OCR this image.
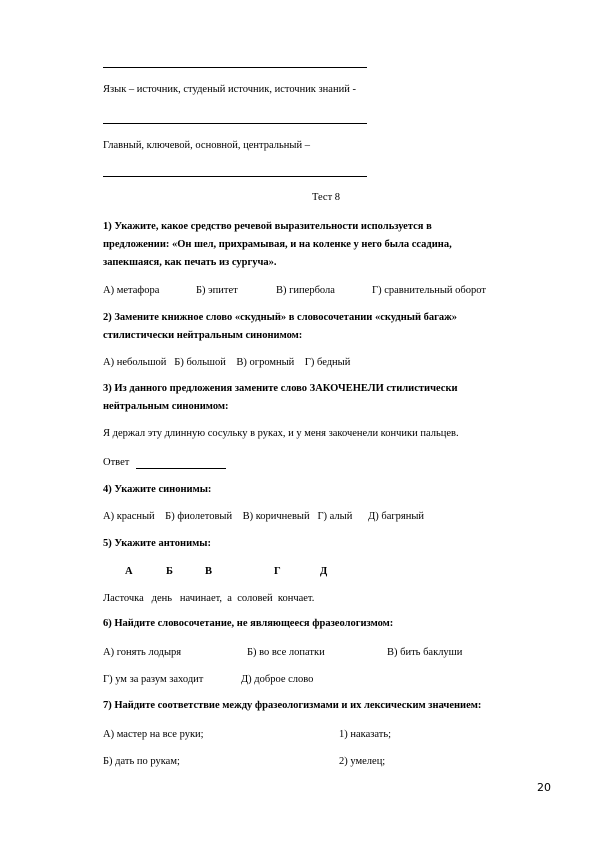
Язык – источник, студеный источник, источник знаний -
Главный, ключевой, основной, центральный –
Тест 8
1) Укажите, какое средство речевой выразительности используется в
предложении: «Он шел, прихрамывая, и на коленке у него была ссадина,
запекшаяся, как печать из сургуча».
А) метафора	Б) эпитет	В) гипербола	Г) сравнительный оборот
2) Замените книжное слово «скудный» в словосочетании «скудный багаж»
стилистически нейтральным синонимом:
А) небольшой   Б) большой    В) огромный    Г) бедный
3) Из данного предложения замените слово ЗАКОЧЕНЕЛИ стилистически
нейтральным синонимом:
Я держал эту длинную сосульку в руках, и у меня закоченели кончики пальцев.
Ответ
4) Укажите синонимы:
А) красный    Б) фиолетовый    В) коричневый   Г) алый      Д) багряный
5) Укажите антонимы:
А	Б	В	Г	Д
Ласточка   день   начинает,  а  соловей  кончает.
6) Найдите словосочетание, не являющееся фразеологизмом:
А) гонять лодыря	Б) во все лопатки	В) бить баклуши
Г) ум за разум заходит	Д) доброе слово
7) Найдите соответствие между фразеологизмами и их лексическим значением:
А) мастер на все руки;	1) наказать;
Б) дать по рукам;	2) умелец;
20
